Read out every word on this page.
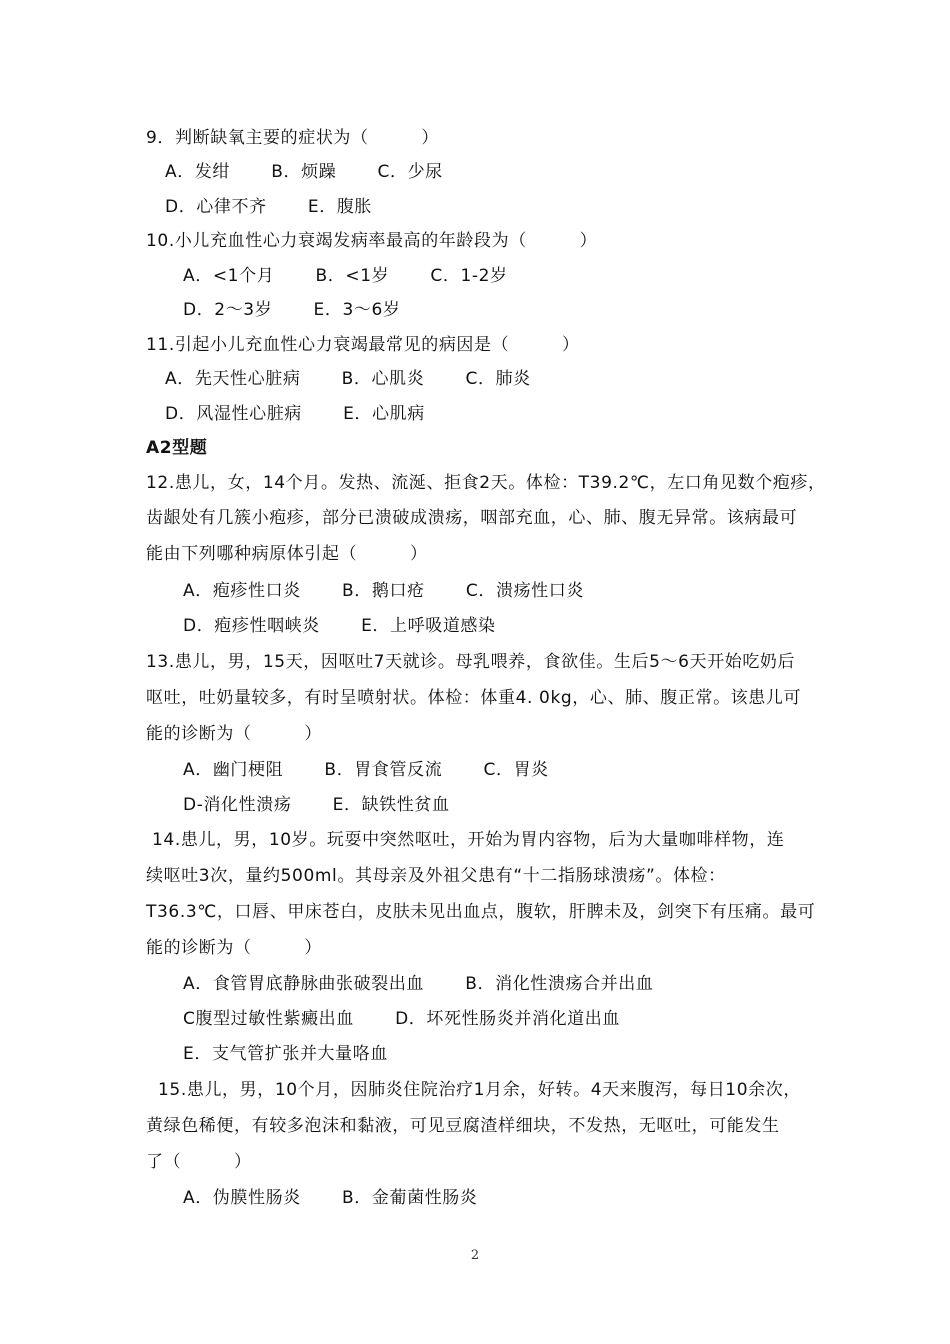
9．判断缺氧主要的症状为（　　　）
A．发绀　　 B．烦躁　　 C．少尿
D．心律不齐　　 E．腹胀
10.小儿充血性心力衰竭发病率最高的年龄段为（　　　）
A．<1个月　　 B．<1岁　　 C．1-2岁
D．2～3岁　　 E．3～6岁
11.引起小儿充血性心力衰竭最常见的病因是（　　　）
A．先天性心脏病　　 B．心肌炎　　 C．肺炎
D．风湿性心脏病　　 E．心肌病
A2型题
12.患儿，女，14个月。发热、流涎、拒食2天。体检：T39.2℃，左口角见数个疱疹，
齿龈处有几簇小疱疹，部分已溃破成溃疡，咽部充血，心、肺、腹无异常。该病最可
能由下列哪种病原体引起（　　　）
A．疱疹性口炎　　 B．鹅口疮　　 C．溃疡性口炎
D．疱疹性咽峡炎　　 E．上呼吸道感染
13.患儿，男，15天，因呕吐7天就诊。母乳喂养，食欲佳。生后5～6天开始吃奶后
呕吐，吐奶量较多，有时呈喷射状。体检：体重4. 0kg，心、肺、腹正常。该患儿可
能的诊断为（　　　）
A．幽门梗阻　　 B．胃食管反流　　 C．胃炎
D-消化性溃疡　　 E．缺铁性贫血
14.患儿，男，10岁。玩耍中突然呕吐，开始为胃内容物，后为大量咖啡样物，连
续呕吐3次，量约500ml。其母亲及外祖父患有“十二指肠球溃疡”。体检：
T36.3℃，口唇、甲床苍白，皮肤未见出血点，腹软，肝脾未及，剑突下有压痛。最可
能的诊断为（　　　）
A．食管胃底静脉曲张破裂出血　　 B．消化性溃疡合并出血
C腹型过敏性紫癜出血　　 D．坏死性肠炎并消化道出血
E．支气管扩张并大量咯血
15.患儿，男，10个月，因肺炎住院治疗1月余，好转。4天来腹泻，每日10余次，
黄绿色稀便，有较多泡沫和黏液，可见豆腐渣样细块，不发热，无呕吐，可能发生
了（　　　）
A．伪膜性肠炎　　 B．金葡菌性肠炎
2
